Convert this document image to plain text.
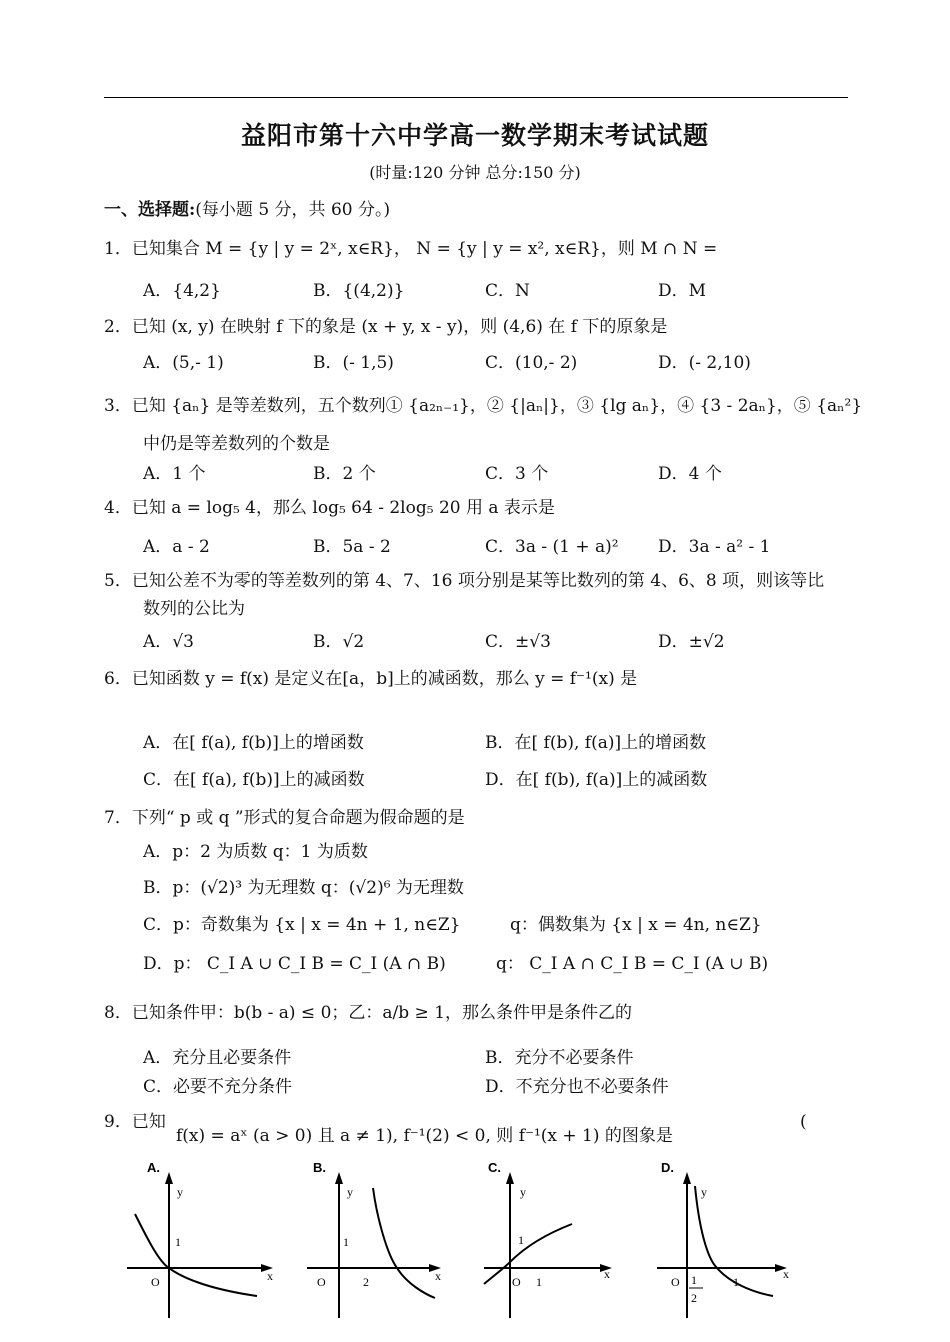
益阳市第十六中学高一数学期末考试试题
(时量:120 分钟 总分:150 分)
一、选择题:(每小题 5 分，共 60 分。)
1．已知集合 M = {y | y = 2ˣ, x∈R}， N = {y | y = x², x∈R}，则 M ∩ N =
A．{4,2}	B．{(4,2)}	C．N	D．M
2．已知 (x, y) 在映射 f 下的象是 (x + y, x - y)，则 (4,6) 在 f 下的原象是
A．(5,- 1)	B．(- 1,5)	C．(10,- 2)	D．(- 2,10)
3．已知 {aₙ} 是等差数列，五个数列① {a₂ₙ₋₁}，② {|aₙ|}，③ {lg aₙ}，④ {3 - 2aₙ}，⑤ {aₙ²}
中仍是等差数列的个数是
A．1 个	B．2 个	C．3 个	D．4 个
4．已知 a = log₅ 4，那么 log₅ 64 - 2log₅ 20 用 a 表示是
A．a - 2	B．5a - 2	C．3a - (1 + a)² D．3a - a² - 1
5．已知公差不为零的等差数列的第 4、7、16 项分别是某等比数列的第 4、6、8 项，则该等比
数列的公比为
A．√3	B．√2	C．±√3	D．±√2
6．已知函数 y = f(x) 是定义在[a，b]上的减函数，那么 y = f⁻¹(x) 是
A．在[ f(a), f(b)]上的增函数	B．在[ f(b), f(a)]上的增函数
C．在[ f(a), f(b)]上的减函数	D．在[ f(b), f(a)]上的减函数
7．下列“ p 或 q ”形式的复合命题为假命题的是
A．p：2 为质数 q：1 为质数
B．p：(√2)³ 为无理数 q：(√2)⁶ 为无理数
C．p：奇数集为 {x | x = 4n + 1, n∈Z}	q：偶数集为 {x | x = 4n, n∈Z}
D．p： C_I A ∪ C_I B = C_I (A ∩ B)	q： C_I A ∩ C_I B = C_I (A ∪ B)
8．已知条件甲：b(b - a) ≤ 0；乙：a/b ≥ 1，那么条件甲是条件乙的
A．充分且必要条件	B．充分不必要条件
C．必要不充分条件	D．不充分也不必要条件
9．已知
f(x) = aˣ (a > 0) 且 a ≠ 1), f⁻¹(2) < 0, 则 f⁻¹(x + 1) 的图象是
(
A.
y
x
O
1
B.
y
x
O
1
2
C.
y
x
O
1
1
D.
y
x
O 1
2
1
